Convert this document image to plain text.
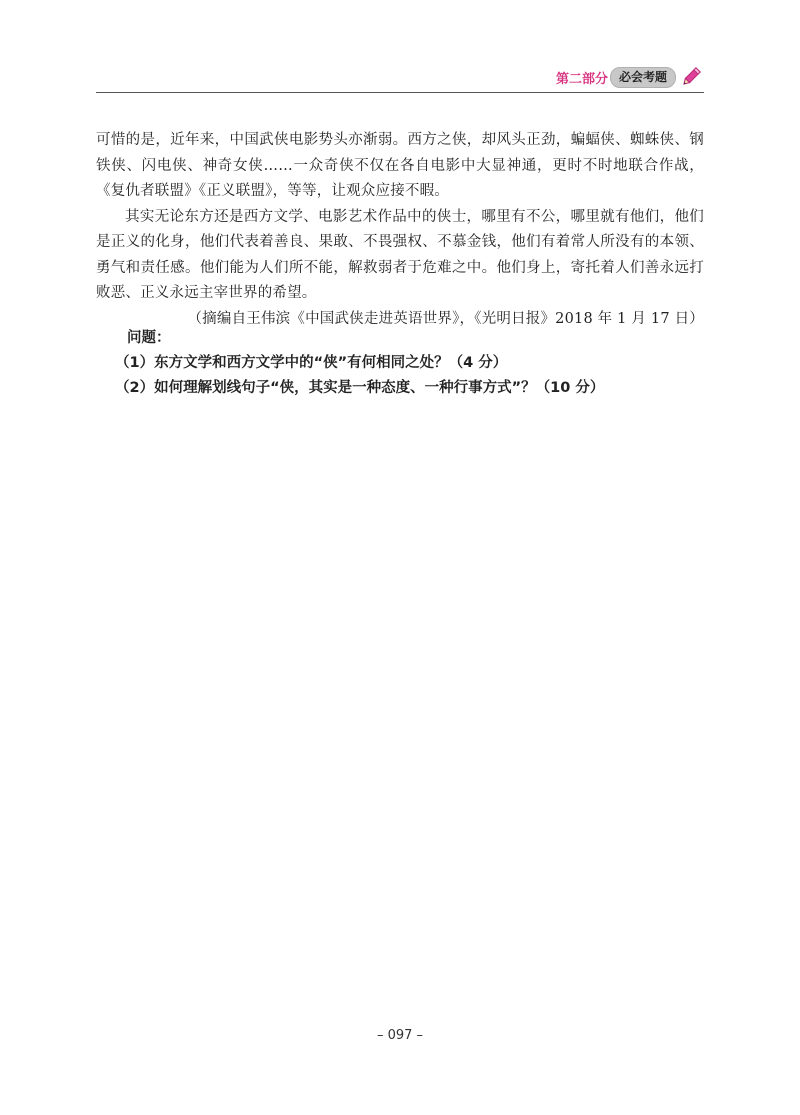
第二部分 必会考题

可惜的是，近年来，中国武侠电影势头亦渐弱。西方之侠，却风头正劲，蝙蝠侠、蜘蛛侠、钢铁侠、闪电侠、神奇女侠……一众奇侠不仅在各自电影中大显神通，更时不时地联合作战，《复仇者联盟》《正义联盟》，等等，让观众应接不暇。

其实无论东方还是西方文学、电影艺术作品中的侠士，哪里有不公，哪里就有他们，他们是正义的化身，他们代表着善良、果敢、不畏强权、不慕金钱，他们有着常人所没有的本领、勇气和责任感。他们能为人们所不能，解救弱者于危难之中。他们身上，寄托着人们善永远打败恶、正义永远主宰世界的希望。

（摘编自王伟滨《中国武侠走进英语世界》，《光明日报》2018 年 1 月 17 日）

问题：
（1）东方文学和西方文学中的“侠”有何相同之处？（4 分）
（2）如何理解划线句子“侠，其实是一种态度、一种行事方式”？（10 分）
– 097 –
